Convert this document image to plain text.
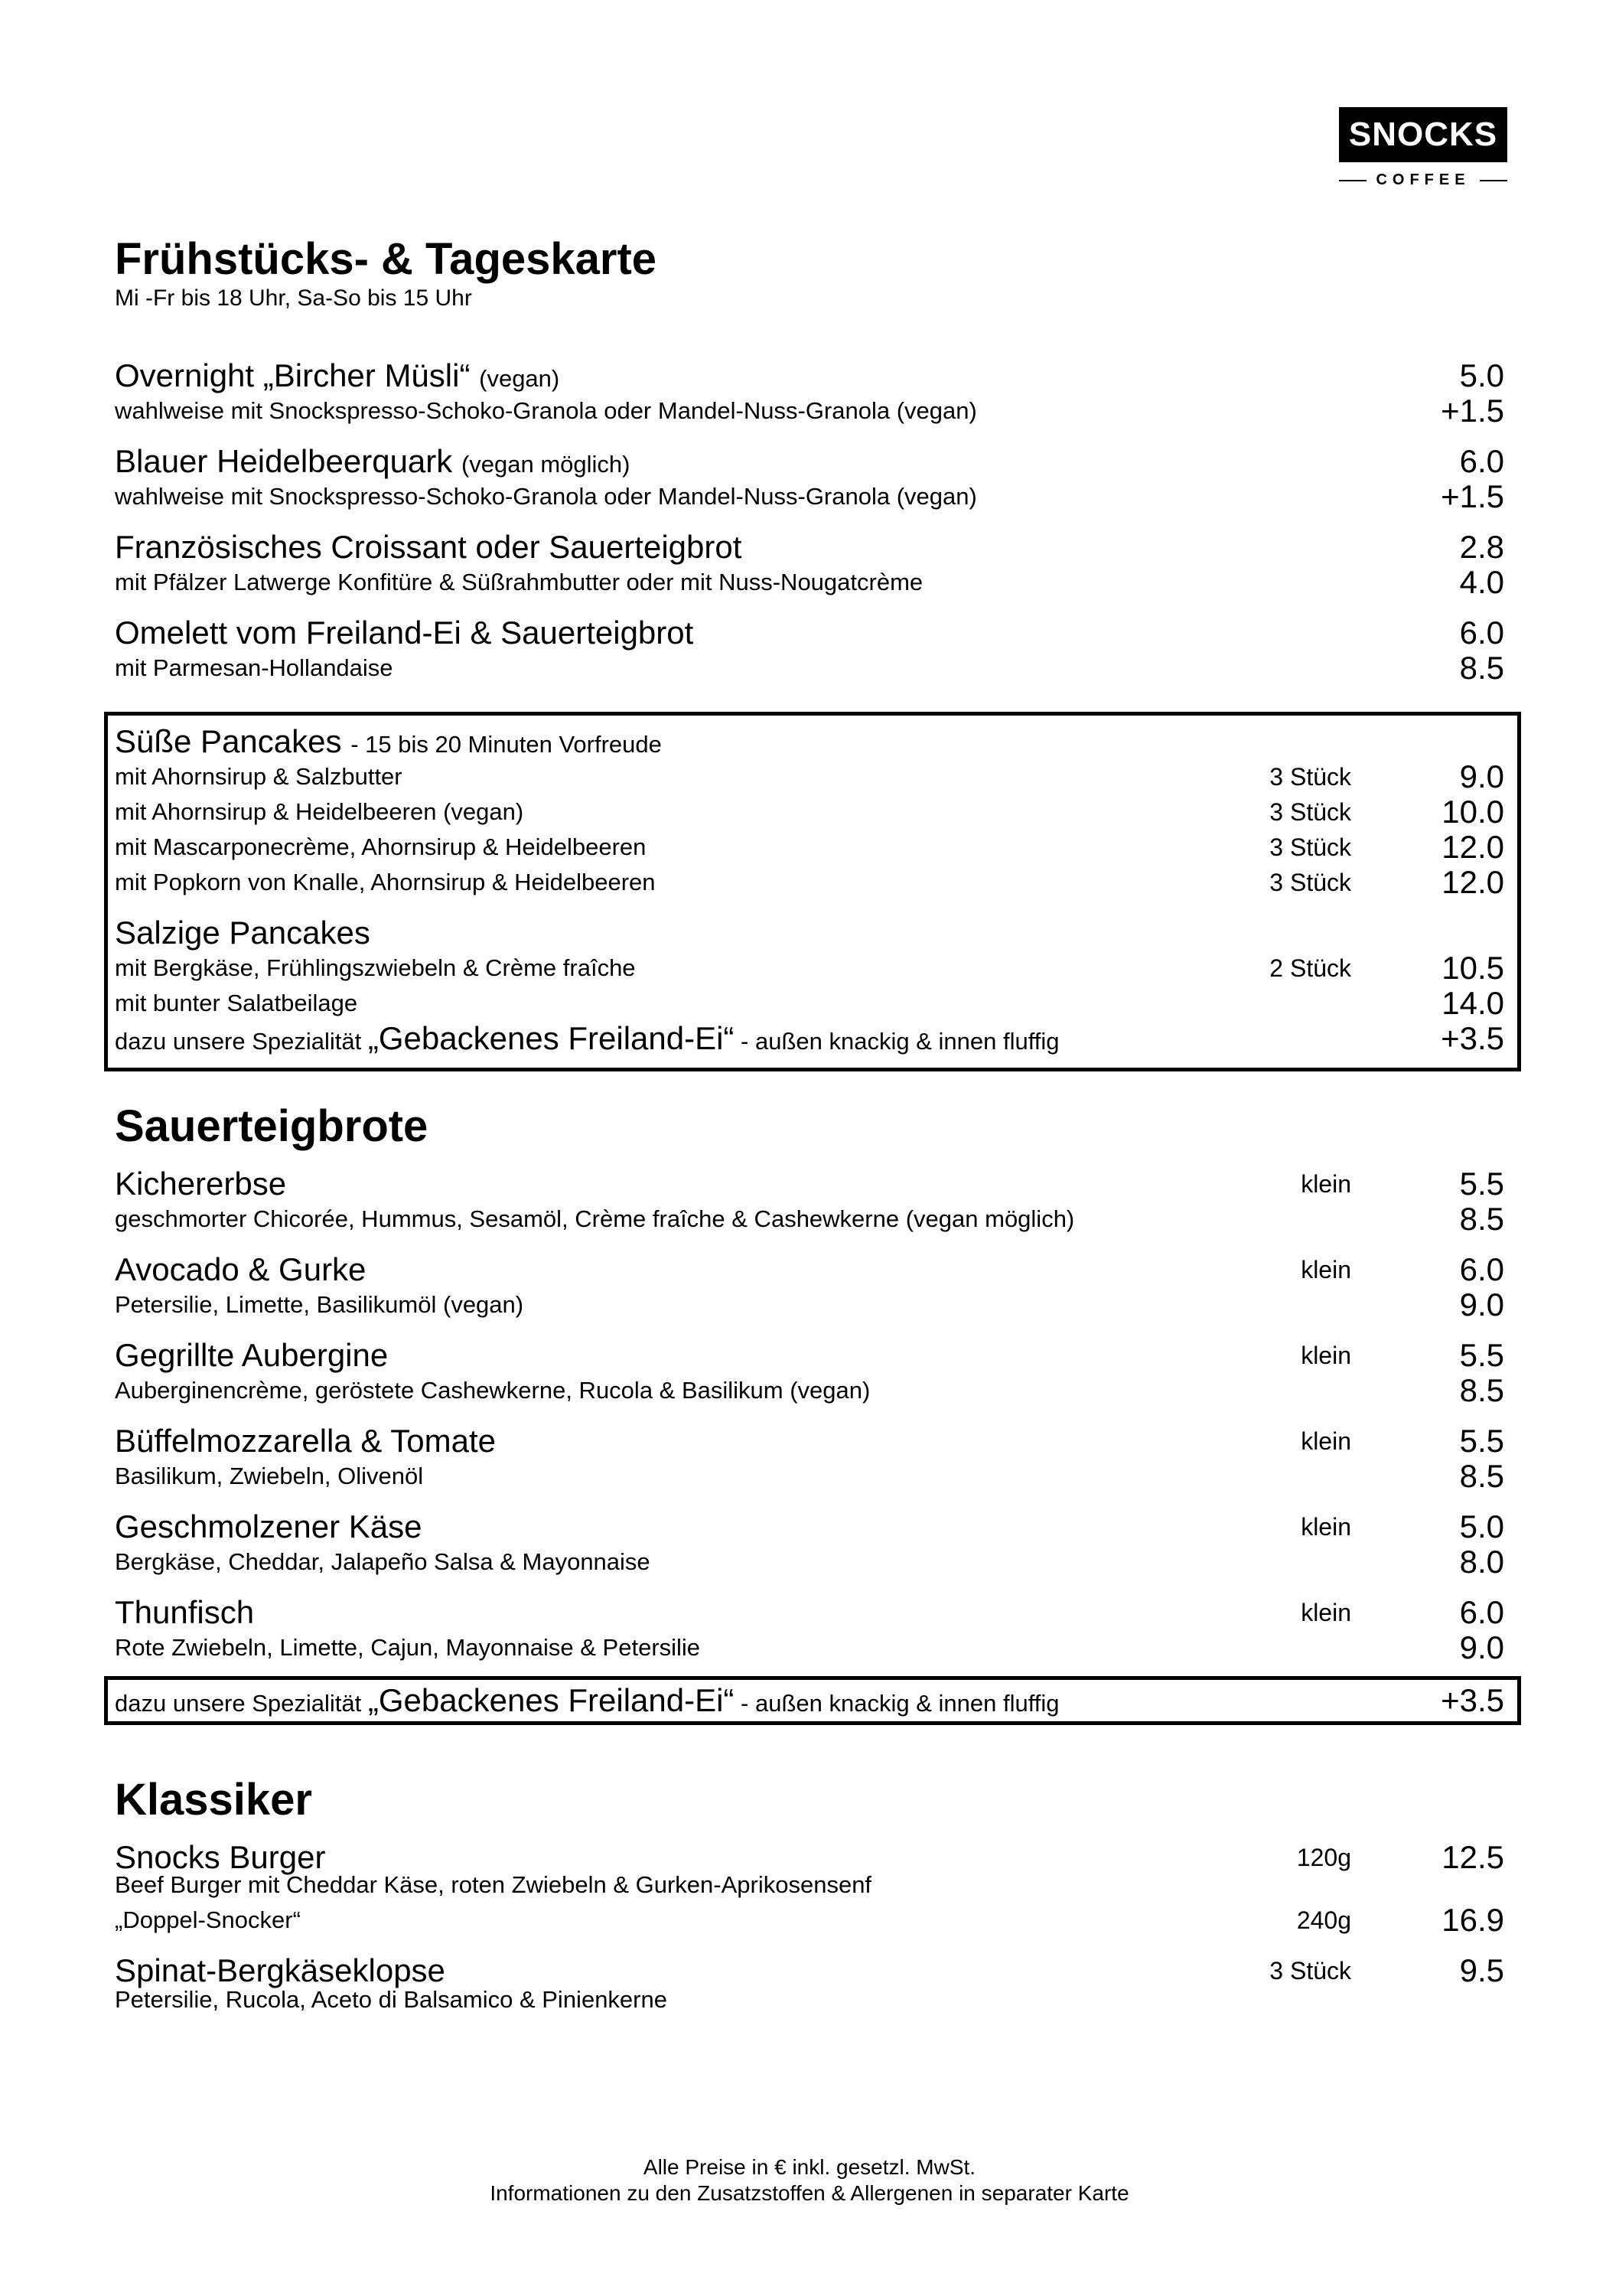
SNOCKS
COFFEE
Frühstücks- & Tageskarte
Mi -Fr bis 18 Uhr, Sa-So bis 15 Uhr
Overnight „Bircher Müsli“ (vegan)	5.0
wahlweise mit Snockspresso-Schoko-Granola oder Mandel-Nuss-Granola (vegan)	+1.5
Blauer Heidelbeerquark (vegan möglich)	6.0
wahlweise mit Snockspresso-Schoko-Granola oder Mandel-Nuss-Granola (vegan)	+1.5
Französisches Croissant oder Sauerteigbrot	2.8
mit Pfälzer Latwerge Konfitüre & Süßrahmbutter oder mit Nuss-Nougatcrème	4.0
Omelett vom Freiland-Ei & Sauerteigbrot	6.0
mit Parmesan-Hollandaise	8.5
Süße Pancakes - 15 bis 20 Minuten Vorfreude
mit Ahornsirup & Salzbutter	3 Stück	9.0
mit Ahornsirup & Heidelbeeren (vegan)	3 Stück	10.0
mit Mascarponecrème, Ahornsirup & Heidelbeeren	3 Stück	12.0
mit Popkorn von Knalle, Ahornsirup & Heidelbeeren	3 Stück	12.0
Salzige Pancakes
mit Bergkäse, Frühlingszwiebeln & Crème fraîche	2 Stück	10.5
mit bunter Salatbeilage	14.0
dazu unsere Spezialität „Gebackenes Freiland-Ei“ - außen knackig & innen fluffig	+3.5
Sauerteigbrote
Kichererbse	klein	5.5
geschmorter Chicorée, Hummus, Sesamöl, Crème fraîche & Cashewkerne (vegan möglich)	8.5
Avocado & Gurke	klein	6.0
Petersilie, Limette, Basilikumöl (vegan)	9.0
Gegrillte Aubergine	klein	5.5
Auberginencrème, geröstete Cashewkerne, Rucola & Basilikum (vegan)	8.5
Büffelmozzarella & Tomate	klein	5.5
Basilikum, Zwiebeln, Olivenöl	8.5
Geschmolzener Käse	klein	5.0
Bergkäse, Cheddar, Jalapeño Salsa & Mayonnaise	8.0
Thunfisch	klein	6.0
Rote Zwiebeln, Limette, Cajun, Mayonnaise & Petersilie	9.0
dazu unsere Spezialität „Gebackenes Freiland-Ei“ - außen knackig & innen fluffig	+3.5
Klassiker
Snocks Burger	120g	12.5
Beef Burger mit Cheddar Käse, roten Zwiebeln & Gurken-Aprikosensenf
„Doppel-Snocker“	240g	16.9
Spinat-Bergkäseklopse	3 Stück	9.5
Petersilie, Rucola, Aceto di Balsamico & Pinienkerne
Alle Preise in € inkl. gesetzl. MwSt.
Informationen zu den Zusatzstoffen & Allergenen in separater Karte
